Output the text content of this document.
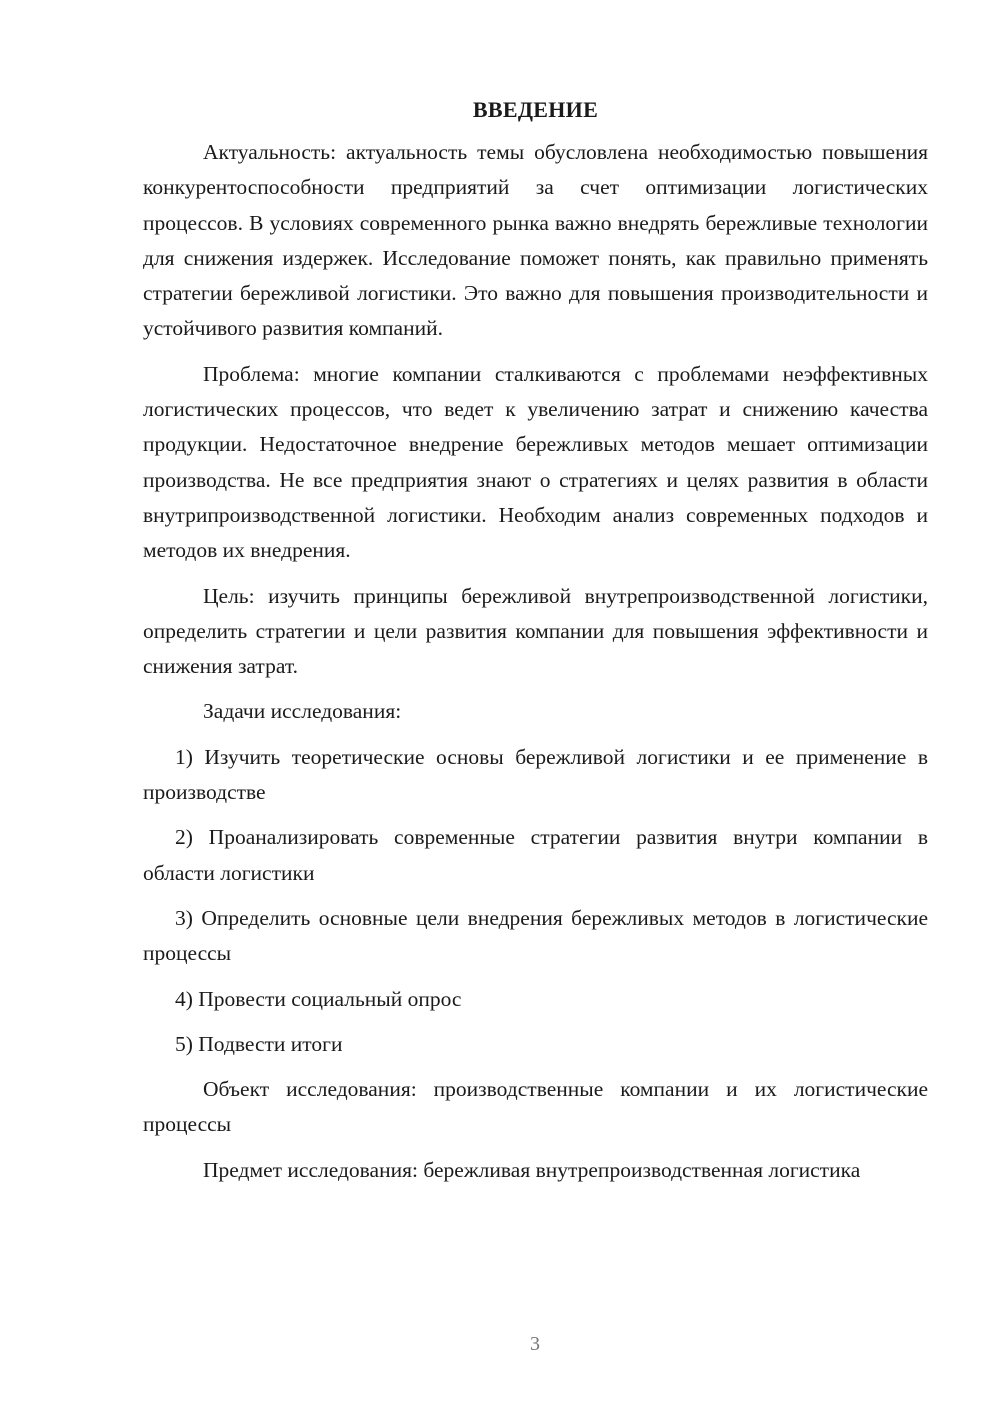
ВВЕДЕНИЕ

Актуальность: актуальность темы обусловлена необходимостью повышения конкурентоспособности предприятий за счет оптимизации логистических процессов. В условиях современного рынка важно внедрять бережливые технологии для снижения издержек. Исследование поможет понять, как правильно применять стратегии бережливой логистики. Это важно для повышения производительности и устойчивого развития компаний.

Проблема: многие компании сталкиваются с проблемами неэффективных логистических процессов, что ведет к увеличению затрат и снижению качества продукции. Недостаточное внедрение бережливых методов мешает оптимизации производства. Не все предприятия знают о стратегиях и целях развития в области внутрипроизводственной логистики. Необходим анализ современных подходов и методов их внедрения.

Цель: изучить принципы бережливой внутрепроизводственной логистики, определить стратегии и цели развития компании для повышения эффективности и снижения затрат.

Задачи исследования:

1) Изучить теоретические основы бережливой логистики и ее применение в производстве
2) Проанализировать современные стратегии развития внутри компании в области логистики
3) Определить основные цели внедрения бережливых методов в логистические процессы
4) Провести социальный опрос
5) Подвести итоги

Объект исследования: производственные компании и их логистические процессы

Предмет исследования: бережливая внутрепроизводственная логистика

3
